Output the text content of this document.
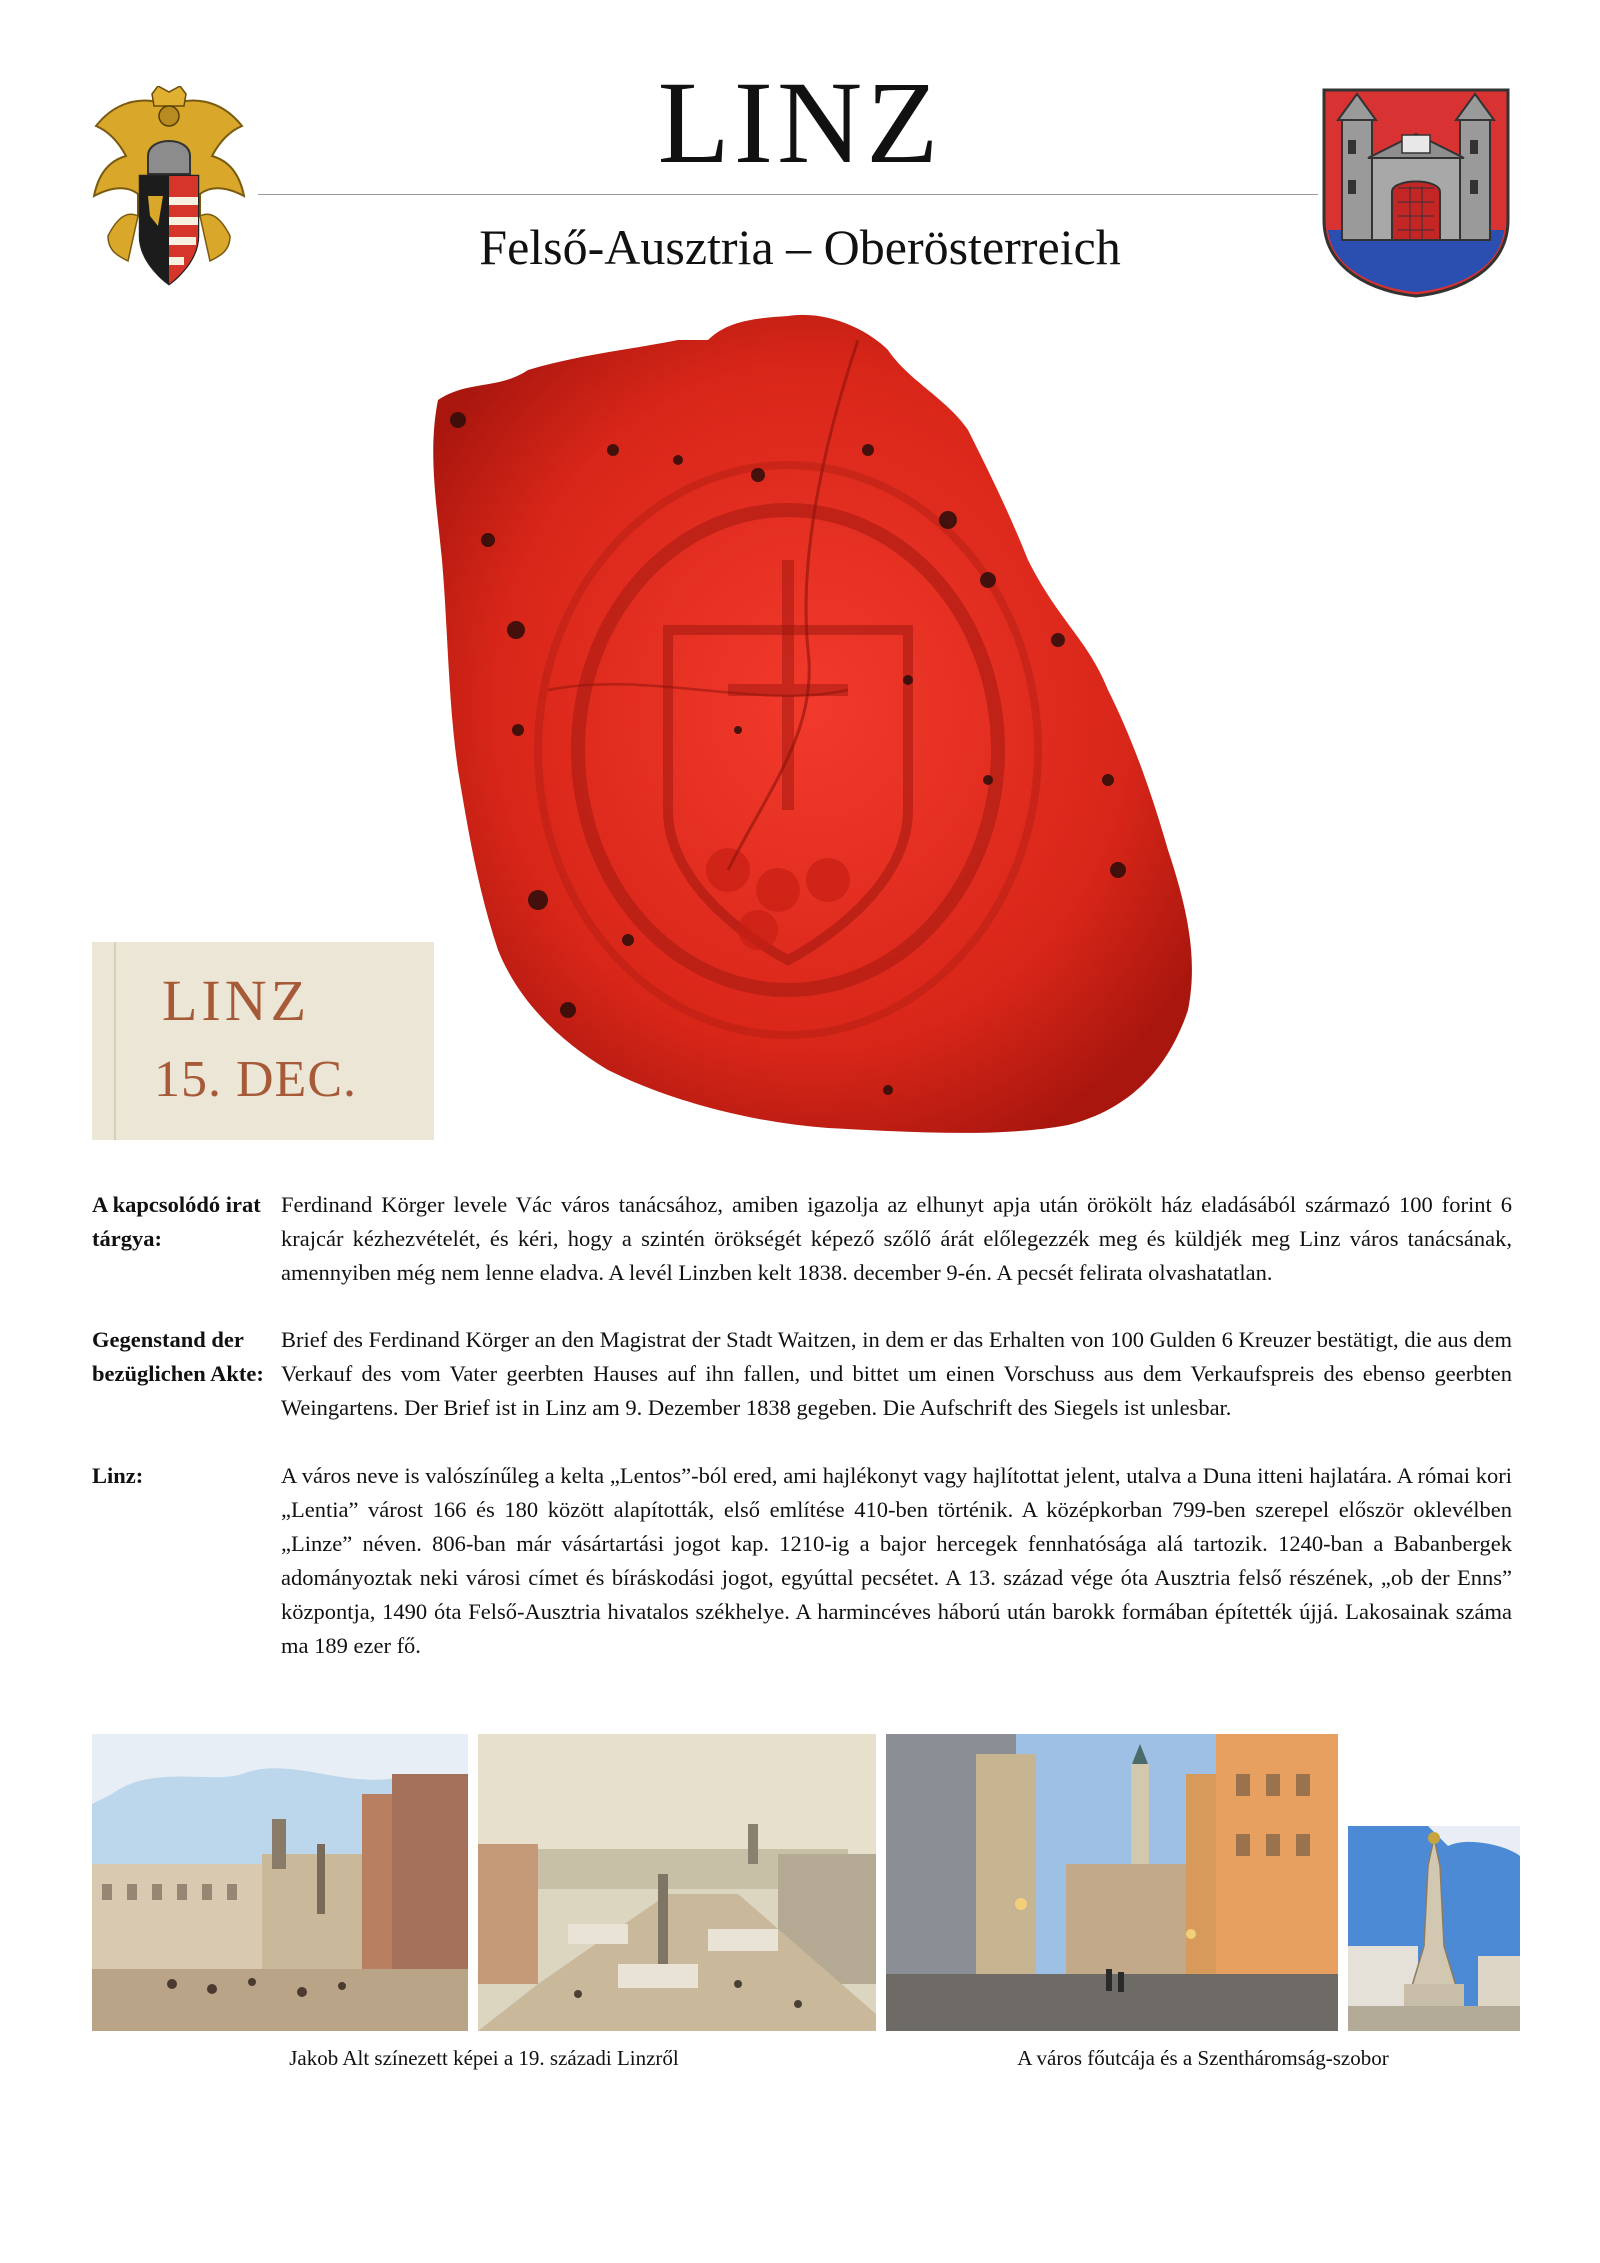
LINZ
Felső-Ausztria – Oberösterreich
LINZ
15. DEC.
A kapcsolódó irat tárgya:
Ferdinand Körger levele Vác város tanácsához, amiben igazolja az elhunyt apja után örökölt ház eladásából származó 100 forint 6 krajcár kézhezvételét, és kéri, hogy a szintén örökségét képező szőlő árát előlegezzék meg és küldjék meg Linz város tanácsának, amennyiben még nem lenne eladva. A levél Linzben kelt 1838. december 9-én. A pecsét felirata olvashatatlan.
Gegenstand der bezüglichen Akte:
Brief des Ferdinand Körger an den Magistrat der Stadt Waitzen, in dem er das Erhalten von 100 Gulden 6 Kreuzer bestätigt, die aus dem Verkauf des vom Vater geerbten Hauses auf ihn fallen, und bittet um einen Vorschuss aus dem Verkaufspreis des ebenso geerbten Weingartens. Der Brief ist in Linz am 9. Dezember 1838 gegeben. Die Aufschrift des Siegels ist unlesbar.
Linz:	A város neve is valószínűleg a kelta „Lentos”-ból ered, ami hajlékonyt vagy hajlítottat jelent, utalva a Duna itteni hajlatára. A római kori „Lentia” várost 166 és 180 között alapították, első említése 410-ben történik. A középkorban 799-ben szerepel először oklevélben „Linze” néven. 806-ban már vásártartási jogot kap. 1210-ig a bajor hercegek fennhatósága alá tartozik. 1240-ban a Babanbergek adományoztak neki városi címet és bíráskodási jogot, egyúttal pecsétet. A 13. század vége óta Ausztria felső részének, „ob der Enns” központja, 1490 óta Felső-Ausztria hivatalos székhelye. A harmincéves háború után barokk formában építették újjá. Lakosainak száma ma 189 ezer fő.
Jakob Alt színezett képei a 19. századi Linzről	A város főutcája és a Szentháromság-szobor
